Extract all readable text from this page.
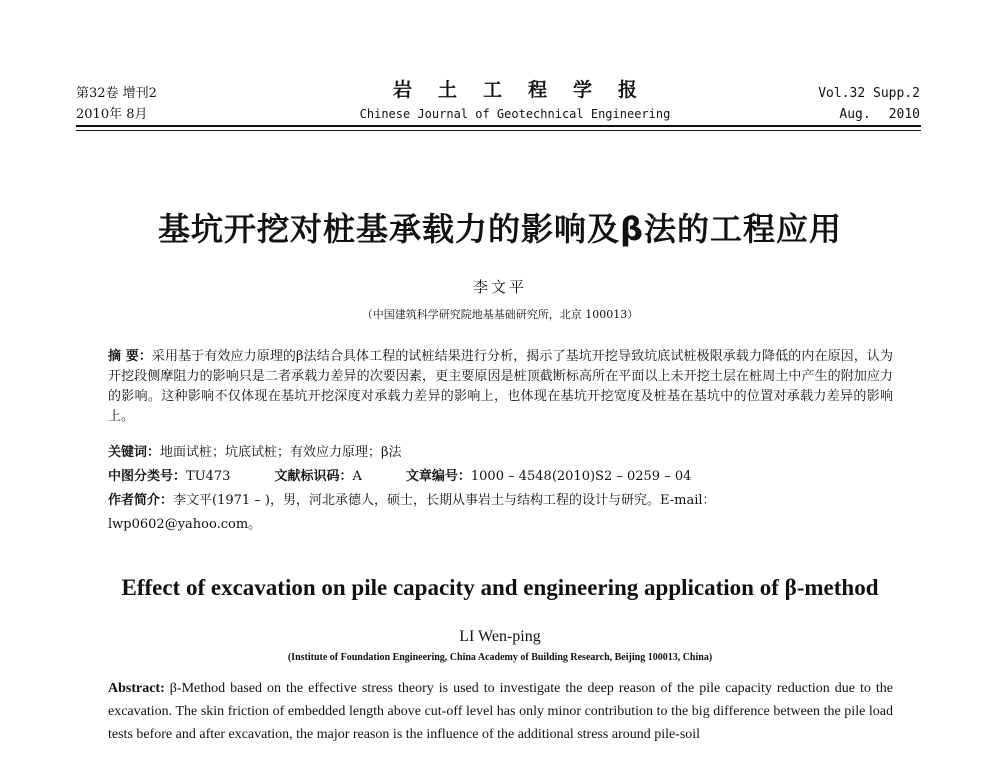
第32卷 增刊2
2010年 8月
岩土工程学报
Chinese Journal of Geotechnical Engineering
Vol.32 Supp.2
Aug. 2010
基坑开挖对桩基承载力的影响及β法的工程应用
李文平
（中国建筑科学研究院地基基础研究所，北京 100013）
摘 要：采用基于有效应力原理的β法结合具体工程的试桩结果进行分析，揭示了基坑开挖导致坑底试桩极限承载力降低的内在原因，认为开挖段侧摩阻力的影响只是二者承载力差异的次要因素，更主要原因是桩顶截断标高所在平面以上未开挖土层在桩周土中产生的附加应力的影响。这种影响不仅体现在基坑开挖深度对承载力差异的影响上，也体现在基坑开挖宽度及桩基在基坑中的位置对承载力差异的影响上。
关键词：地面试桩；坑底试桩；有效应力原理；β法
中图分类号：TU473	文献标识码：A	文章编号：1000 – 4548(2010)S2 – 0259 – 04
作者简介：李文平(1971 – )，男，河北承德人，硕士，长期从事岩土与结构工程的设计与研究。E-mail：
lwp0602@yahoo.com。
Effect of excavation on pile capacity and engineering application of β-method
LI Wen-ping
(Institute of Foundation Engineering, China Academy of Building Research, Beijing 100013, China)
Abstract: β-Method based on the effective stress theory is used to investigate the deep reason of the pile capacity reduction due to the excavation. The skin friction of embedded length above cut-off level has only minor contribution to the big difference between the pile load tests before and after excavation, the major reason is the influence of the additional stress around pile-soil
